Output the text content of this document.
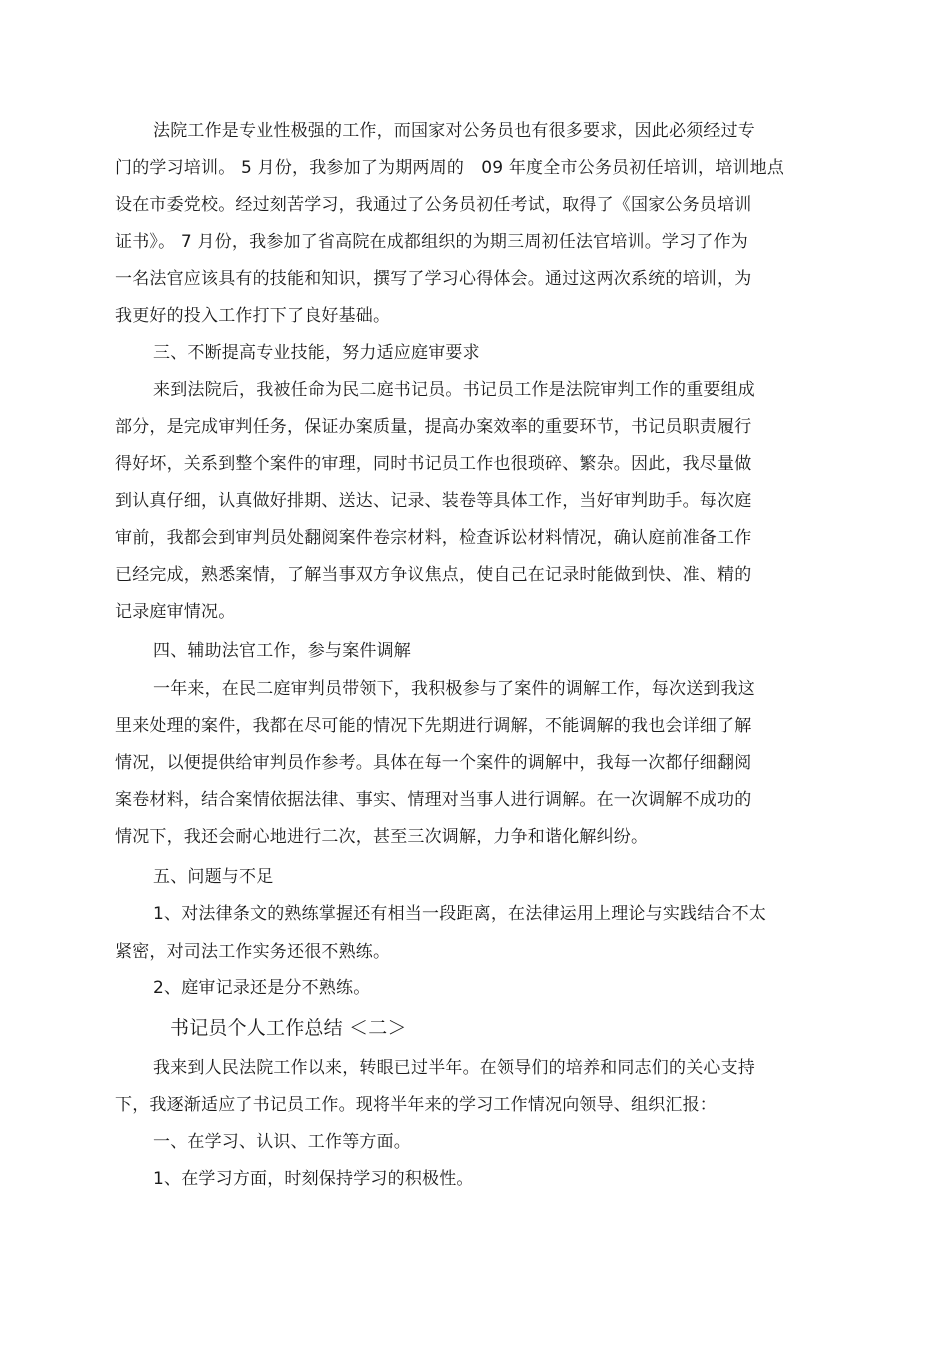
法院工作是专业性极强的工作，而国家对公务员也有很多要求，因此必须经过专
门的学习培训。 5 月份，我参加了为期两周的　09 年度全市公务员初任培训，培训地点
设在市委党校。经过刻苦学习，我通过了公务员初任考试，取得了《国家公务员培训
证书》。 7 月份，我参加了省高院在成都组织的为期三周初任法官培训。学习了作为
一名法官应该具有的技能和知识，撰写了学习心得体会。通过这两次系统的培训，为
我更好的投入工作打下了良好基础。
三、不断提高专业技能，努力适应庭审要求
来到法院后，我被任命为民二庭书记员。书记员工作是法院审判工作的重要组成
部分，是完成审判任务，保证办案质量，提高办案效率的重要环节，书记员职责履行
得好坏，关系到整个案件的审理，同时书记员工作也很琐碎、繁杂。因此，我尽量做
到认真仔细，认真做好排期、送达、记录、装卷等具体工作，当好审判助手。每次庭
审前，我都会到审判员处翻阅案件卷宗材料，检查诉讼材料情况，确认庭前准备工作
已经完成，熟悉案情，了解当事双方争议焦点，使自己在记录时能做到快、准、精的
记录庭审情况。
四、辅助法官工作，参与案件调解
一年来，在民二庭审判员带领下，我积极参与了案件的调解工作，每次送到我这
里来处理的案件，我都在尽可能的情况下先期进行调解，不能调解的我也会详细了解
情况，以便提供给审判员作参考。具体在每一个案件的调解中，我每一次都仔细翻阅
案卷材料，结合案情依据法律、事实、情理对当事人进行调解。在一次调解不成功的
情况下，我还会耐心地进行二次，甚至三次调解，力争和谐化解纠纷。
五、问题与不足
1、对法律条文的熟练掌握还有相当一段距离，在法律运用上理论与实践结合不太
紧密，对司法工作实务还很不熟练。
2、庭审记录还是分不熟练。
书记员个人工作总结 ＜二＞
我来到人民法院工作以来，转眼已过半年。在领导们的培养和同志们的关心支持
下，我逐渐适应了书记员工作。现将半年来的学习工作情况向领导、组织汇报：
一、在学习、认识、工作等方面。
1、在学习方面，时刻保持学习的积极性。
